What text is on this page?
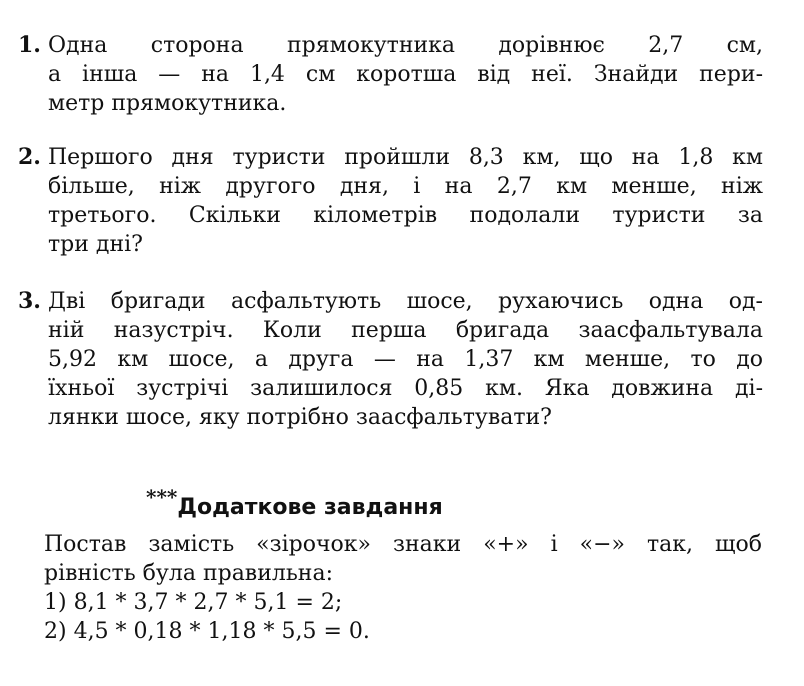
1. Одна сторона прямокутника дорівнює 2,7 см,
а інша — на 1,4 см коротша від неї. Знайди пери-
метр прямокутника.
2. Першого дня туристи пройшли 8,3 км, що на 1,8 км
більше, ніж другого дня, і на 2,7 км менше, ніж
третього. Скільки кілометрів подолали туристи за
три дні?
3. Дві бригади асфальтують шосе, рухаючись одна од-
ній назустріч. Коли перша бригада заасфальтувала
5,92 км шосе, а друга — на 1,37 км менше, то до
їхньої зустрічі залишилося 0,85 км. Яка довжина ді-
лянки шосе, яку потрібно заасфальтувати?
***Додаткове завдання
Постав замість «зірочок» знаки «+» і «−» так, щоб
рівність була правильна:
1) 8,1 * 3,7 * 2,7 * 5,1 = 2;
2) 4,5 * 0,18 * 1,18 * 5,5 = 0.
